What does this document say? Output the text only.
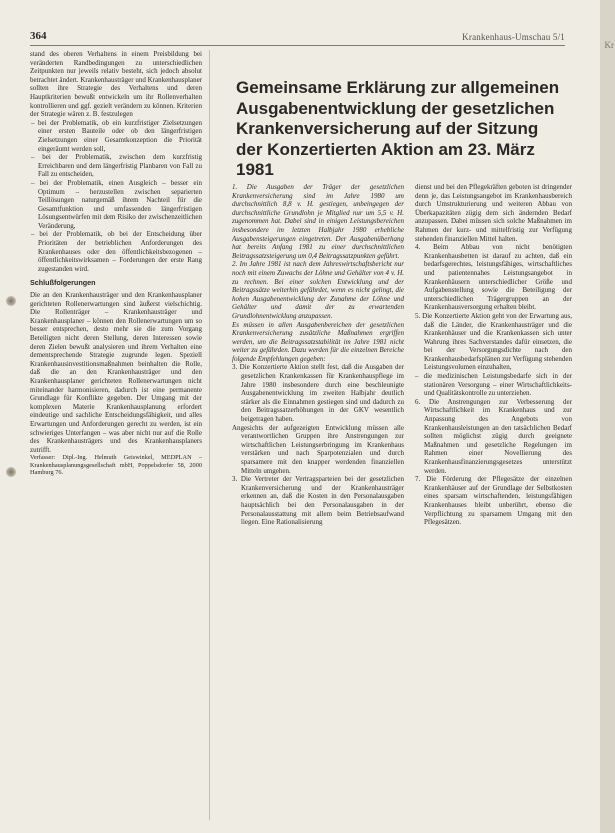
364	Krankenhaus-Umschau 5/1

stand des oberen Verhaltens in einem Preisbildung bei veränderten Randbedingungen zu unterschiedlichen Zeitpunkten nur jeweils relativ besteht, sich jedoch absolut betrachtet ändert. Krankenhausträger und Krankenhausplaner sollten ihre Strategie des Verhaltens und deren Hauptkriterien bewußt entwickeln um ihr Rollenverhalten kontrollieren und ggf. gezielt verändern zu können. Kriterien der Strategie wären z. B. festzulegen

– bei der Problematik, ob ein kurzfristiger Zielsetzungen einer ersten Bauteile oder ob den längerfristigen Zielsetzungen einer Gesamtkonzeption die Priorität eingeräumt werden soll,

– bei der Problematik, zwischen dem kurzfristig Erreichbaren und dem längerfristig Planbaren von Fall zu Fall zu entscheiden,

– bei der Problematik, einen Ausgleich – besser ein Optimum – herzustellen zwischen separierten Teillösungen naturgemäß ihrem Nachteil für die Gesamtfunktion und umfassenden längerfristigen Lösungsentwürfen mit dem Risiko der zwischenzeitlichen Veränderung,

– bei der Problematik, ob bei der Entscheidung über Prioritäten der betrieblichen Anforderungen des Krankenhauses oder den öffentlichkeitsbezogenen – öffentlichkeitswirksamen – Forderungen der erste Rang zugestanden wird.

Schlußfolgerungen

Die an den Krankenhausträger und den Krankenhausplaner gerichteten Rollenerwartungen sind äußerst vielschichtig. Die Rollenträger – Krankenhausträger und Krankenhausplaner – können den Rollenerwartungen um so besser entsprechen, desto mehr sie die zum Vorgang Beteiligten nicht deren Stellung, deren Interessen sowie deren Zielen bewußt analysieren und ihrem Verhalten eine dementsprechende Strategie zugrunde legen. Speziell Krankenhausinvestitionsmaßnahmen beinhalten die Rolle, daß die an den Krankenhausträger und den Krankenhausplaner gerichteten Rollenerwartungen nicht miteinander harmonisieren, dadurch ist eine permanente Grundlage für Konflikte gegeben. Der Umgang mit der komplexen Materie Krankenhausplanung erfordert eindeutige und sachliche Entscheidungsfähigkeit, und alles Erwartungen und Anforderungen gerecht zu werden, ist ein schwieriges Unterfangen – was aber nicht nur auf die Rolle des Krankenhausträgers und des Krankenhausplaners zutrifft.

Verfasser: Dipl.-Ing. Helmuth Geiswinkel, MEDPLAN – Krankenhausplanungsgesellschaft mbH, Poppelsdorfer 58, 2000 Hamburg 76.

Gemeinsame Erklärung zur allgemeinen Ausgabenentwicklung der gesetzlichen Krankenversicherung auf der Sitzung der Konzertierten Aktion am 23. März 1981

1. Die Ausgaben der Träger der gesetzlichen Krankenversicherung sind im Jahre 1980 um durchschnittlich 8,8 v. H. gestiegen, unbeingegen der durchschnittliche Grundlohn je Mitglied nur um 5,5 v. H. zugenommen hat. Dabei sind in einigen Leistungsbereichen insbesondere im letzten Halbjahr 1980 erhebliche Ausgabensteigerungen eingetreten. Der Ausgabenüberhang hat bereits Anfang 1981 zu einer durchschnittlichen Beitragssatzsteigerung um 0,4 Beitragssatzpunkten geführt.

2. Im Jahre 1981 ist nach dem Jahreswirtschaftsbericht nur noch mit einem Zuwachs der Löhne und Gehälter von 4 v. H. zu rechnen. Bei einer solchen Entwicklung und der Beitragssätze weiterhin gefährdet, wenn es nicht gelingt, die hohen Ausgabenentwicklung der Zunahme der Löhne und Gehälter und damit der zu erwartenden Grundlohnentwicklung anzupassen.

Es müssen in allen Ausgabenbereichen der gesetzlichen Krankenversicherung zusätzliche Maßnahmen ergriffen werden, um die Beitragssatzstabilität im Jahre 1981 nicht weiter zu gefährden. Dazu werden für die einzelnen Bereiche folgende Empfehlungen gegeben:

3. Die Konzertierte Aktion stellt fest, daß die Ausgaben der gesetzlichen Krankenkassen für Krankenhauspflege im Jahre 1980 insbesondere durch eine beschleunigte Ausgabenentwicklung im zweiten Halbjahr deutlich stärker als die Einnahmen gestiegen sind und dadurch zu den Beitragssatzerhöhungen in der GKV wesentlich beigetragen haben.

Angesichts der aufgezeigten Entwicklung müssen alle verantwortlichen Gruppen ihre Anstrengungen zur wirtschaftlichen Leistungserbringung im Krankenhaus verstärken und nach Sparpotenzialen und durch sparsamere mit den knapper werdenden finanziellen Mitteln umgehen.

3. Die Vertreter der Vertragsparteien bei der gesetzlichen Krankenversicherung und der Krankenhausträger erkennen an, daß die Kosten in den Personalausgaben hauptsächlich bei den Personalausgaben in der Personalausstattung mit allem beim Betriebsaufwand liegen. Eine Rationalisierung

dienst und bei den Pflegekräften geboten ist dringender denn je, das Leistungsangebot im Krankenhausbereich durch Umstrukturierung und weiteren Abbau von Überkapazitäten zügig dem sich ändernden Bedarf anzupassen. Dabei müssen sich solche Maßnahmen im Rahmen der kurz- und mittelfristig zur Verfügung stehenden finanziellen Mittel halten.

4. Beim Abbau von nicht benötigten Krankenhausbetten ist darauf zu achten, daß ein bedarfsgerechtes, leistungsfähiges, wirtschaftliches und patientennahes Leistungsangebot in Krankenhäusern unterschiedlicher Größe und Aufgabenstellung sowie die Beteiligung der unterschiedlichen Trägergruppen an der Krankenhausversorgung erhalten bleibt.

5. Die Konzertierte Aktion geht von der Erwartung aus, daß die Länder, die Krankenhausträger und die Krankenhäuser und die Krankenkassen sich unter Wahrung ihres Sachverstandes dafür einsetzen, die bei der Versorgungsdichte nach den Krankenhausbedarfsplänen zur Verfügung stehenden Leistungsvolumen einzuhalten,

– die medizinischen Leistungsbedarfe sich in der stationären Versorgung – einer Wirtschaftlichkeits- und Qualitätskontrolle zu unterziehen.

6. Die Anstrengungen zur Verbesserung der Wirtschaftlichkeit im Krankenhaus und zur Anpassung des Angebots von Krankenhausleistungen an den tatsächlichen Bedarf sollten möglichst zügig durch geeignete Maßnahmen und gesetzliche Regelungen im Rahmen einer Novellierung des Krankenhausfinanzierungsgesetzes unterstützt werden.

7. Die Förderung der Pflegesätze der einzelnen Krankenhäuser auf der Grundlage der Selbstkosten eines sparsam wirtschaftenden, leistungsfähigen Krankenhauses bleibt unberührt, ebenso die Verpflichtung zu sparsamem Umgang mit den Pflegesätzen.

Kr
